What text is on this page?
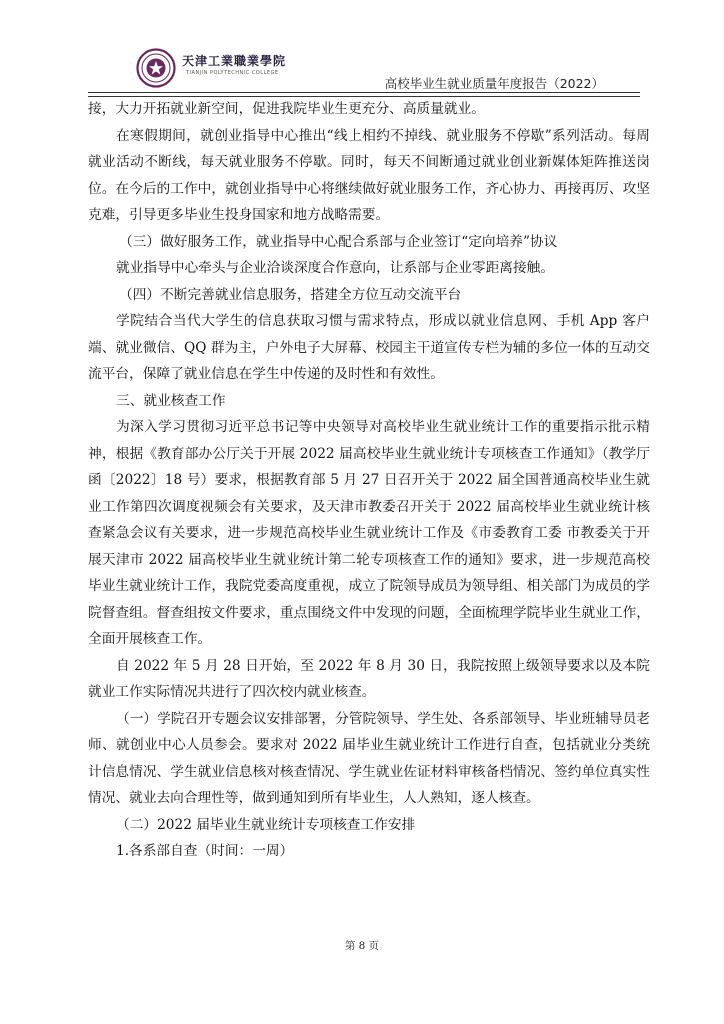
天津工業職業學院
TIANJIN POLYTECHNIC COLLEGE
高校毕业生就业质量年度报告（2022）

接，大力开拓就业新空间，促进我院毕业生更充分、高质量就业。

在寒假期间，就创业指导中心推出“线上相约不掉线、就业服务不停歇”系列活动。每周就业活动不断线，每天就业服务不停歇。同时，每天不间断通过就业创业新媒体矩阵推送岗位。在今后的工作中，就创业指导中心将继续做好就业服务工作，齐心协力、再接再厉、攻坚克难，引导更多毕业生投身国家和地方战略需要。

（三）做好服务工作，就业指导中心配合系部与企业签订“定向培养”协议

就业指导中心牵头与企业洽谈深度合作意向，让系部与企业零距离接触。

（四）不断完善就业信息服务，搭建全方位互动交流平台

学院结合当代大学生的信息获取习惯与需求特点，形成以就业信息网、手机 App 客户端、就业微信、QQ 群为主，户外电子大屏幕、校园主干道宣传专栏为辅的多位一体的互动交流平台，保障了就业信息在学生中传递的及时性和有效性。

三、就业核查工作

为深入学习贯彻习近平总书记等中央领导对高校毕业生就业统计工作的重要指示批示精神，根据《教育部办公厅关于开展 2022 届高校毕业生就业统计专项核查工作通知》（教学厅函〔2022〕18 号）要求，根据教育部 5 月 27 日召开关于 2022 届全国普通高校毕业生就业工作第四次调度视频会有关要求，及天津市教委召开关于 2022 届高校毕业生就业统计核查紧急会议有关要求，进一步规范高校毕业生就业统计工作及《市委教育工委 市教委关于开展天津市 2022 届高校毕业生就业统计第二轮专项核查工作的通知》要求，进一步规范高校毕业生就业统计工作，我院党委高度重视，成立了院领导成员为领导组、相关部门为成员的学院督查组。督查组按文件要求，重点围绕文件中发现的问题，全面梳理学院毕业生就业工作，全面开展核查工作。

自 2022 年 5 月 28 日开始，至 2022 年 8 月 30 日，我院按照上级领导要求以及本院就业工作实际情况共进行了四次校内就业核查。

（一）学院召开专题会议安排部署，分管院领导、学生处、各系部领导、毕业班辅导员老师、就创业中心人员参会。要求对 2022 届毕业生就业统计工作进行自查，包括就业分类统计信息情况、学生就业信息核对核查情况、学生就业佐证材料审核备档情况、签约单位真实性情况、就业去向合理性等，做到通知到所有毕业生，人人熟知，逐人核查。

（二）2022 届毕业生就业统计专项核查工作安排

1.各系部自查（时间：一周）

第 8 页
